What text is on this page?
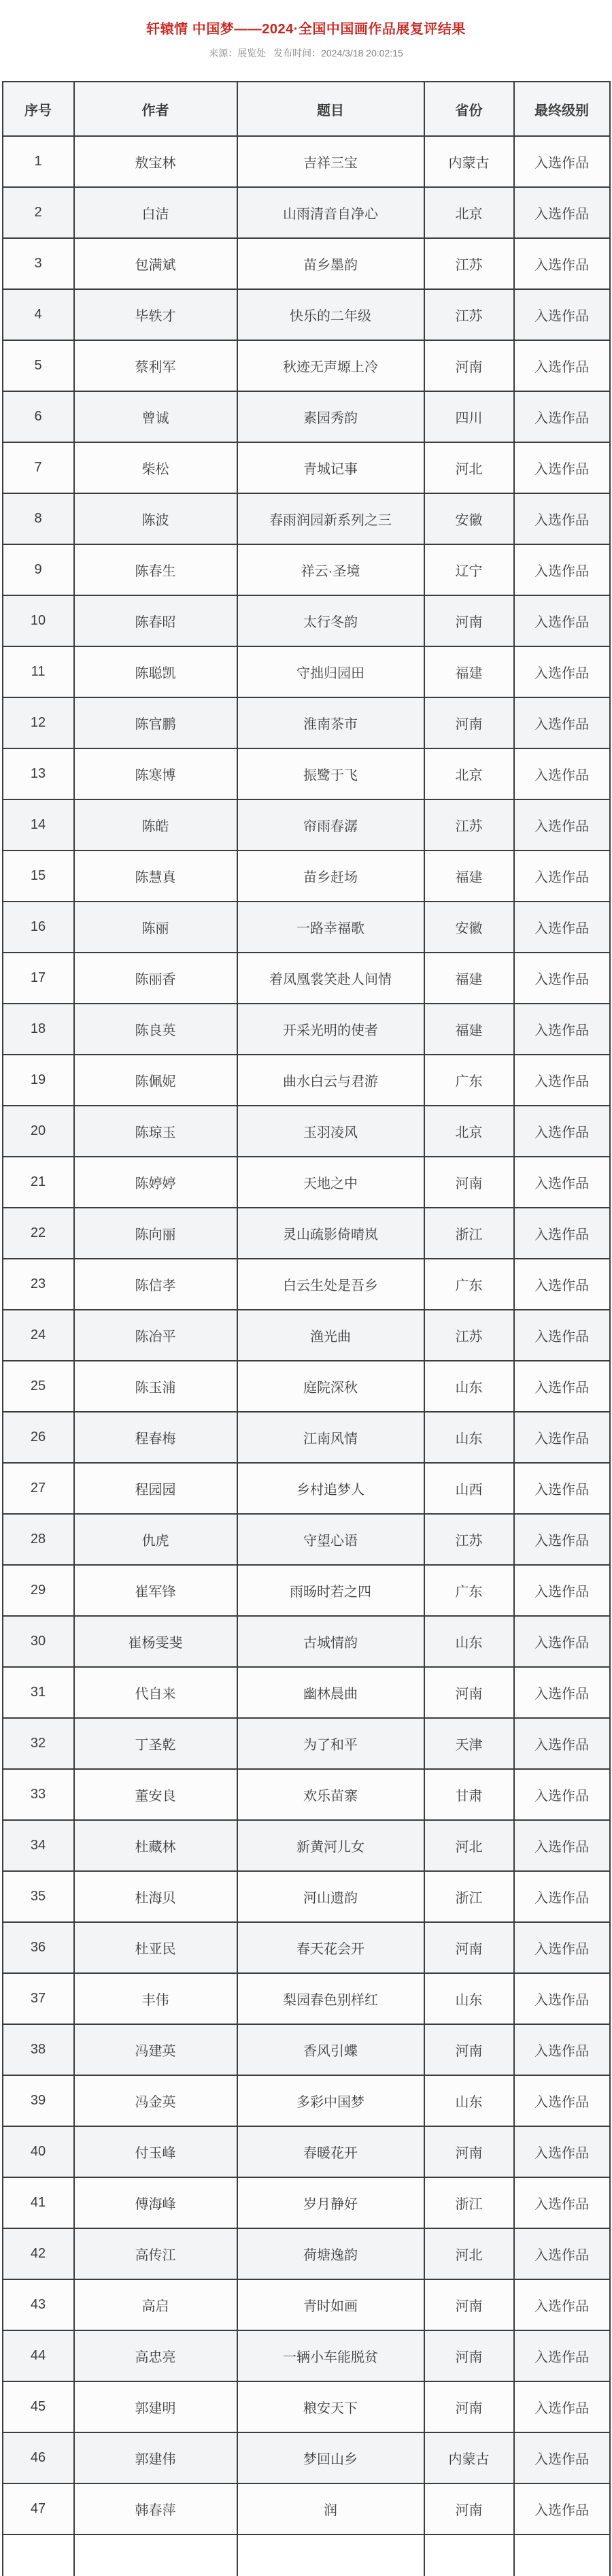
轩辕情 中国梦——2024·全国中国画作品展复评结果
来源：展览处 发布时间：2024/3/18 20:02:15
序号	作者	题目	省份	最终级别
1	敖宝林	吉祥三宝	内蒙古	入选作品
2	白洁	山雨清音自净心	北京	入选作品
3	包满斌	苗乡墨韵	江苏	入选作品
4	毕轶才	快乐的二年级	江苏	入选作品
5	蔡利军	秋迹无声塬上冷	河南	入选作品
6	曾诚	素园秀韵	四川	入选作品
7	柴松	青城记事	河北	入选作品
8	陈波	春雨润园新系列之三	安徽	入选作品
9	陈春生	祥云·圣境	辽宁	入选作品
10	陈春昭	太行冬韵	河南	入选作品
11	陈聪凯	守拙归园田	福建	入选作品
12	陈官鹏	淮南茶市	河南	入选作品
13	陈寒博	振鹭于飞	北京	入选作品
14	陈皓	帘雨春潺	江苏	入选作品
15	陈慧真	苗乡赶场	福建	入选作品
16	陈丽	一路幸福歌	安徽	入选作品
17	陈丽香	着凤凰裳笑赴人间情	福建	入选作品
18	陈良英	开采光明的使者	福建	入选作品
19	陈佩妮	曲水白云与君游	广东	入选作品
20	陈琼玉	玉羽凌风	北京	入选作品
21	陈婷婷	天地之中	河南	入选作品
22	陈向丽	灵山疏影倚晴岚	浙江	入选作品
23	陈信孝	白云生处是吾乡	广东	入选作品
24	陈冶平	渔光曲	江苏	入选作品
25	陈玉浦	庭院深秋	山东	入选作品
26	程春梅	江南风情	山东	入选作品
27	程园园	乡村追梦人	山西	入选作品
28	仇虎	守望心语	江苏	入选作品
29	崔军锋	雨旸时若之四	广东	入选作品
30	崔杨雯斐	古城情韵	山东	入选作品
31	代自来	幽林晨曲	河南	入选作品
32	丁圣乾	为了和平	天津	入选作品
33	董安良	欢乐苗寨	甘肃	入选作品
34	杜藏林	新黄河儿女	河北	入选作品
35	杜海贝	河山遗韵	浙江	入选作品
36	杜亚民	春天花会开	河南	入选作品
37	丰伟	梨园春色别样红	山东	入选作品
38	冯建英	香风引蝶	河南	入选作品
39	冯金英	多彩中国梦	山东	入选作品
40	付玉峰	春暖花开	河南	入选作品
41	傅海峰	岁月静好	浙江	入选作品
42	高传江	荷塘逸韵	河北	入选作品
43	高启	青时如画	河南	入选作品
44	高忠亮	一辆小车能脱贫	河南	入选作品
45	郭建明	粮安天下	河南	入选作品
46	郭建伟	梦回山乡	内蒙古	入选作品
47	韩春萍	润	河南	入选作品
